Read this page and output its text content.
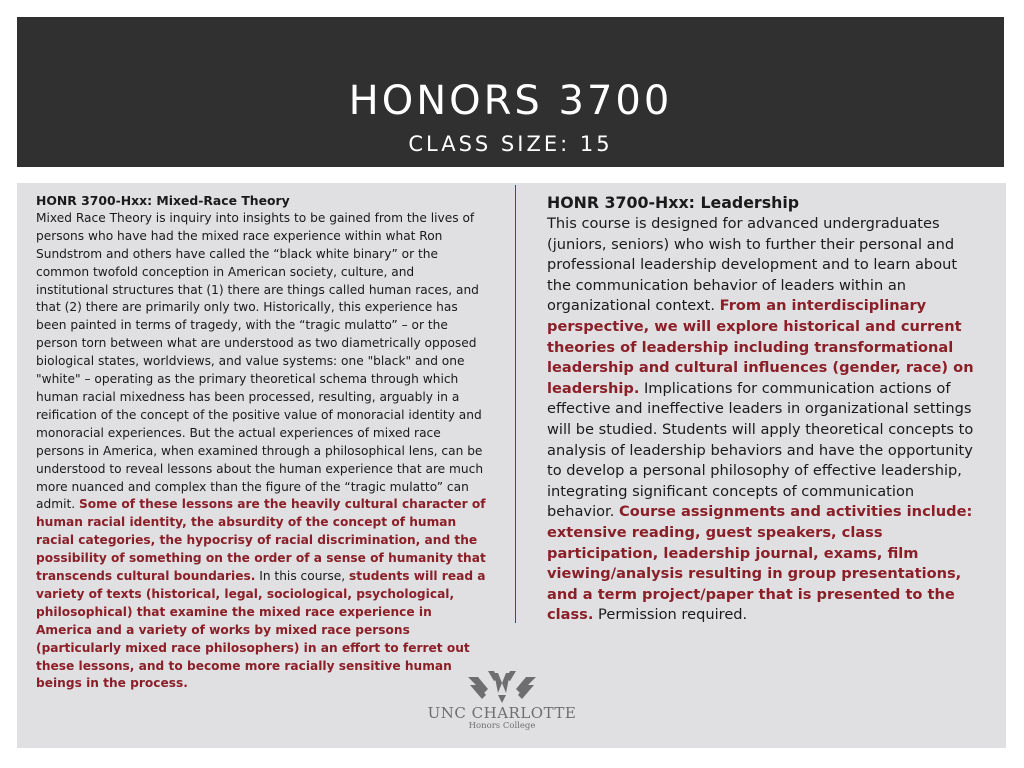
HONORS 3700
CLASS SIZE: 15
HONR 3700-Hxx: Mixed-Race Theory
Mixed Race Theory is inquiry into insights to be gained from the lives of persons who have had the mixed race experience within what Ron Sundstrom and others have called the “black white binary” or the common twofold conception in American society, culture, and institutional structures that (1) there are things called human races, and that (2) there are primarily only two. Historically, this experience has been painted in terms of tragedy, with the “tragic mulatto” – or the person torn between what are understood as two diametrically opposed biological states, worldviews, and value systems: one "black" and one "white" – operating as the primary theoretical schema through which human racial mixedness has been processed, resulting, arguably in a reification of the concept of the positive value of monoracial identity and monoracial experiences. But the actual experiences of mixed race persons in America, when examined through a philosophical lens, can be understood to reveal lessons about the human experience that are much more nuanced and complex than the figure of the “tragic mulatto” can admit. Some of these lessons are the heavily cultural character of human racial identity, the absurdity of the concept of human racial categories, the hypocrisy of racial discrimination, and the possibility of something on the order of a sense of humanity that transcends cultural boundaries. In this course, students will read a variety of texts (historical, legal, sociological, psychological, philosophical) that examine the mixed race experience in America and a variety of works by mixed race persons (particularly mixed race philosophers) in an effort to ferret out these lessons, and to become more racially sensitive human beings in the process.
HONR 3700-Hxx: Leadership
This course is designed for advanced undergraduates (juniors, seniors) who wish to further their personal and professional leadership development and to learn about the communication behavior of leaders within an organizational context. From an interdisciplinary perspective, we will explore historical and current theories of leadership including transformational leadership and cultural influences (gender, race) on leadership. Implications for communication actions of effective and ineffective leaders in organizational settings will be studied. Students will apply theoretical concepts to analysis of leadership behaviors and have the opportunity to develop a personal philosophy of effective leadership, integrating significant concepts of communication behavior. Course assignments and activities include: extensive reading, guest speakers, class participation, leadership journal, exams, film viewing/analysis resulting in group presentations, and a term project/paper that is presented to the class. Permission required.
UNC CHARLOTTE
Honors College
